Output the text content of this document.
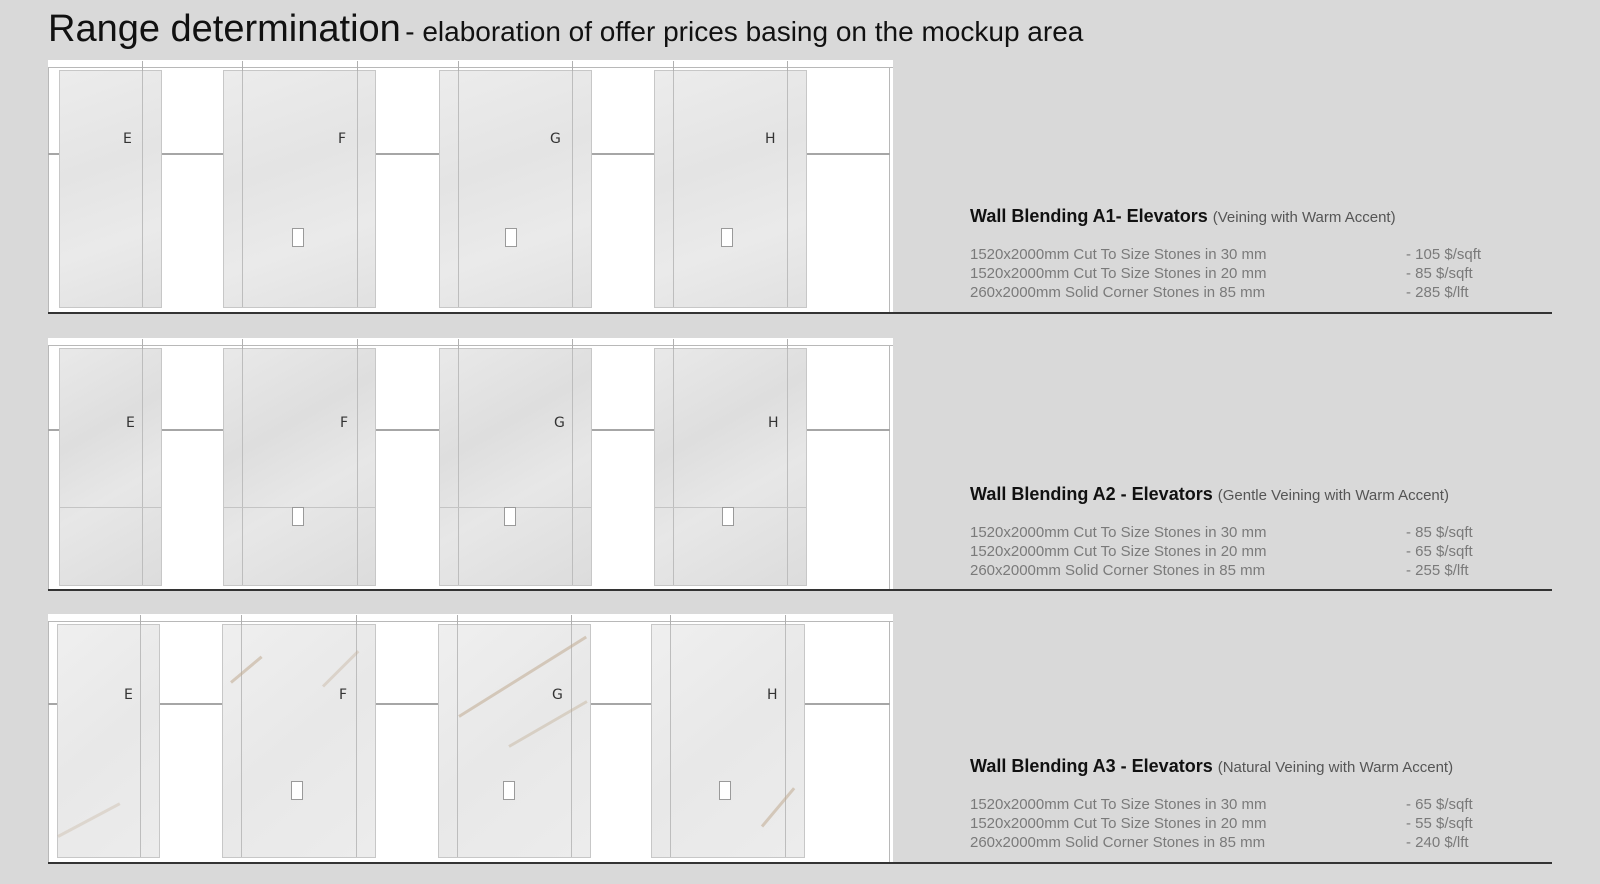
Range determination - elaboration of offer prices basing on the mockup area
E	F	G	H
Wall Blending A1- Elevators (Veining with Warm Accent)
1520x2000mm Cut To Size Stones in 30 mm	- 105 $/sqft
1520x2000mm Cut To Size Stones in 20 mm	- 85 $/sqft
260x2000mm Solid Corner Stones in 85 mm	- 285 $/lft
E	F	G	H
Wall Blending A2 - Elevators (Gentle Veining with Warm Accent)
1520x2000mm Cut To Size Stones in 30 mm	- 85 $/sqft
1520x2000mm Cut To Size Stones in 20 mm	- 65 $/sqft
260x2000mm Solid Corner Stones in 85 mm	- 255 $/lft
E	F	G	H
Wall Blending A3 - Elevators (Natural Veining with Warm Accent)
1520x2000mm Cut To Size Stones in 30 mm	- 65 $/sqft
1520x2000mm Cut To Size Stones in 20 mm	- 55 $/sqft
260x2000mm Solid Corner Stones in 85 mm	- 240 $/lft
